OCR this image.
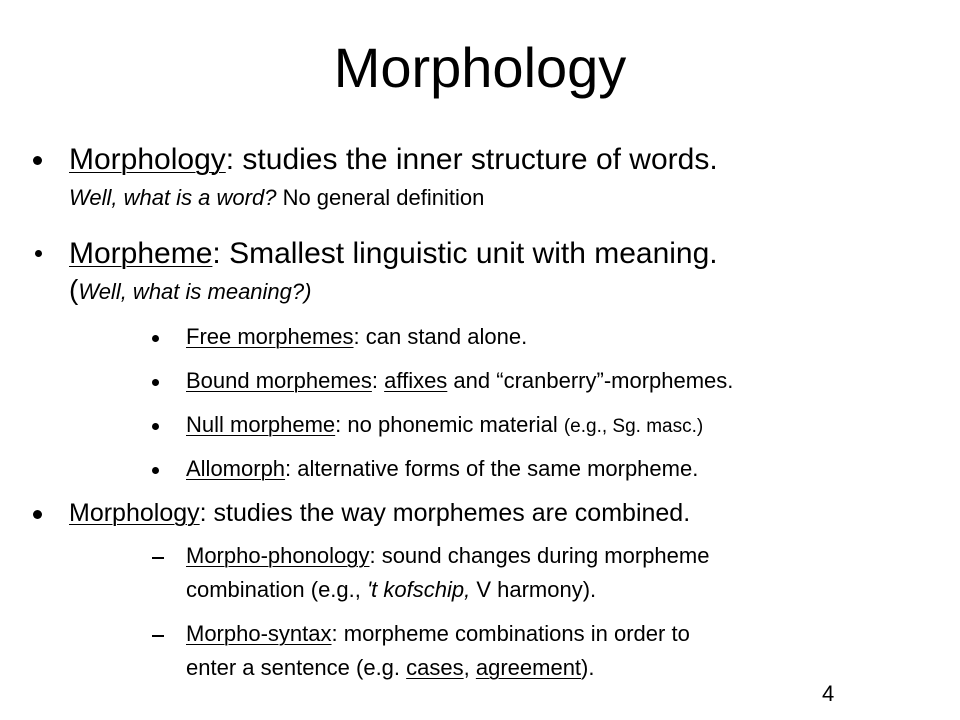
Morphology
Morphology: studies the inner structure of words.
Well, what is a word? No general definition
Morpheme: Smallest linguistic unit with meaning.
(Well, what is meaning?)
Free morphemes: can stand alone.
Bound morphemes: affixes and “cranberry”-morphemes.
Null morpheme: no phonemic material (e.g., Sg. masc.)
Allomorph: alternative forms of the same morpheme.
Morphology: studies the way morphemes are combined.
Morpho-phonology: sound changes during morpheme
combination (e.g., 't kofschip, V harmony).
Morpho-syntax: morpheme combinations in order to
enter a sentence (e.g. cases, agreement).
4
